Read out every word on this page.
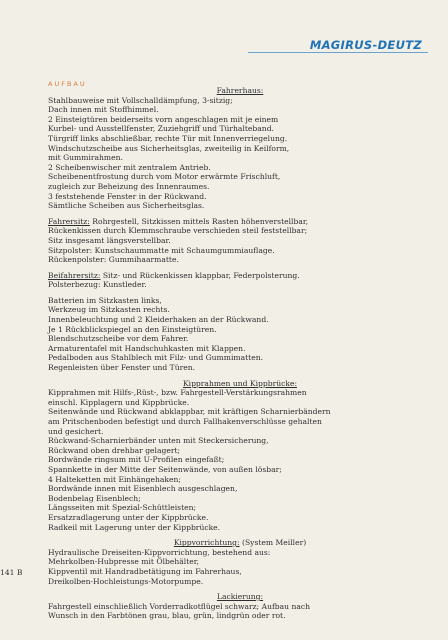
MAGIRUS-DEUTZ
AUFBAU
Fahrerhaus:
Stahlbauweise mit Vollschalldämpfung, 3-sitzig;
Dach innen mit Stoffhimmel.
2 Einsteigtüren beiderseits vorn angeschlagen mit je einem
Kurbel- und Ausstellfenster, Zuziehgriff und Türhalteband.
Türgriff links abschließbar, rechte Tür mit Innenverriegelung.
Windschutzscheibe aus Sicherheitsglas, zweiteilig in Keilform,
mit Gummirahmen.
2 Scheibenwischer mit zentralem Antrieb.
Scheibenentfrostung durch vom Motor erwärmte Frischluft,
zugleich zur Beheizung des Innenraumes.
3 feststehende Fenster in der Rückwand.
Sämtliche Scheiben aus Sicherheitsglas.
Fahrersitz: Rohrgestell, Sitzkissen mittels Rasten höhenverstellbar,
Rückenkissen durch Klemmschraube verschieden steil feststellbar;
Sitz insgesamt längsverstellbar.
Sitzpolster: Kunstschaummatte mit Schaumgummiauflage.
Rückenpolster: Gummihaarmatte.
Beifahrersitz: Sitz- und Rückenkissen klappbar, Federpolsterung.
Polsterbezug: Kunstleder.
Batterien im Sitzkasten links,
Werkzeug im Sitzkasten rechts.
Innenbeleuchtung und 2 Kleiderhaken an der Rückwand.
Je 1 Rückblickspiegel an den Einsteigtüren.
Blendschutzscheibe vor dem Fahrer.
Armaturentafel mit Handschuhkasten mit Klappen.
Pedalboden aus Stahlblech mit Filz- und Gummimatten.
Regenleisten über Fenster und Türen.
Kipprahmen und Kippbrücke:
Kipprahmen mit Hilfs-,Rüst-, bzw. Fahrgestell-Verstärkungsrahmen
einschl. Kipplagern und Kippbrücke.
Seitenwände und Rückwand abklappbar, mit kräftigen Scharnierbändern
am Pritschenboden befestigt und durch Fallhakenverschlüsse gehalten
und gesichert.
Rückwand-Scharnierbänder unten mit Steckersicherung,
Rückwand oben drehbar gelagert;
Bordwände ringsum mit U-Profilen eingefaßt;
Spannkette in der Mitte der Seitenwände, von außen lösbar;
4 Halteketten mit Einhängehaken;
Bordwände innen mit Eisenblech ausgeschlagen,
Bodenbelag Eisenblech;
Längsseiten mit Spezial-Schüttleisten;
Ersatzradlagerung unter der Kippbrücke.
Radkeil mit Lagerung unter der Kippbrücke.
Kippvorrichtung: (System Meiller)
Hydraulische Dreiseiten-Kippvorrichtung, bestehend aus:
Mehrkolben-Hubpresse mit Ölbehälter,
Kippventil mit Handradbetätigung im Fahrerhaus,
Dreikolben-Hochleistungs-Motorpumpe.
Lackierung:
Fahrgestell einschließlich Vorderradkotflügel schwarz; Aufbau nach
Wunsch in den Farbtönen grau, blau, grün, lindgrün oder rot.
141 B
